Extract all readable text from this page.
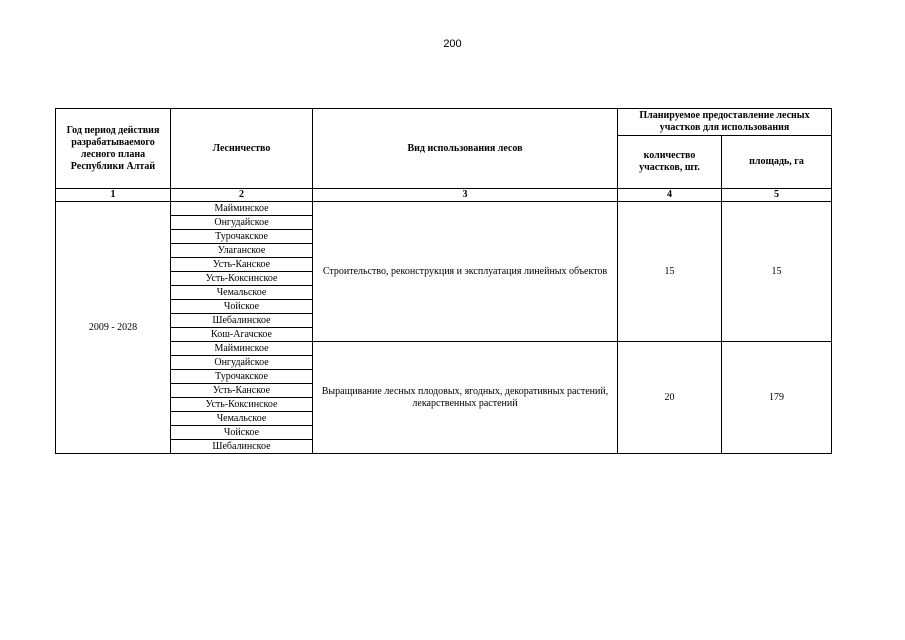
200
Год период действия разрабатываемого лесного плана Республики Алтай	Лесничество	Вид использования лесов	Планируемое предоставление лесных участков для использования	
			количество участков, шт.	площадь, га
1	2	3	4	5
2009 - 2028	Майминское	Строительство, реконструкция и эксплуатация линейных объектов	15	15
	Онгудайское			
	Турочакское			
	Улаганское			
	Усть-Канское			
	Усть-Коксинское			
	Чемальское			
	Чойское			
	Шебалинское			
	Кош-Агачское			
	Майминское	Выращивание лесных плодовых, ягодных, декоративных растений, лекарственных растений	20	179
	Онгудайское			
	Турочакское			
	Усть-Канское			
	Усть-Коксинское			
	Чемальское			
	Чойское			
	Шебалинское			
